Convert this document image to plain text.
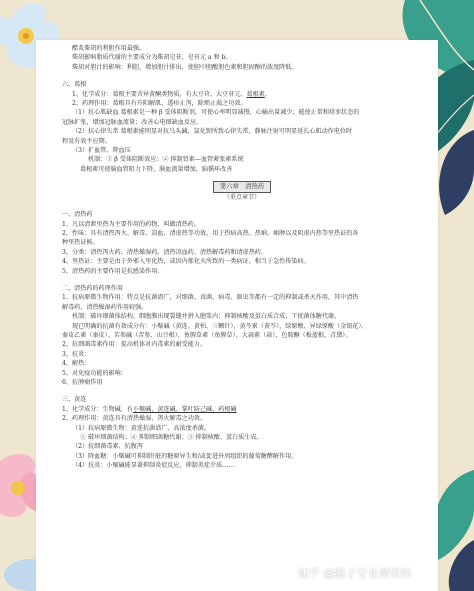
醋炙柴胡的利胆作用最强。

柴胡影响脂质代谢的主要成分为柴胡皂苷，皂苷元 a 和 b。

柴胡对胆汁的影响：利胆，增加胆汁排出，使胆中胆酸胆色素和胆固醇的浓度降低。

六、葛根

1、化学成分：葛根主要含异黄酮类物质，有大豆苷、大豆苷元、葛根素。

2、药理作用：葛根具有升阳解肌，透疹止泻，除烦止渴之功效。

（1）抗心肌缺血 葛根素是一种 β 受体阻断剂，可使心率明显减慢，心输出量减少；能使正常和痉挛状态的

冠脉扩张，增加冠脉血流量；改善心电图缺血反应。

（2）抗心律失常 葛根素能明显对抗乌头碱、氯化钡所致心律失常，静脉注射可明显延长心肌动作电位时

程及有效不应期。

（3）扩血管、降血压

机制：① β 受体阻断效应；② 抑制肾素—血管紧张素系统

葛根素可使脑血管阻力下降，脑血流量增加，脑循环改善

第六章　清热药

（重点章节）

一、清热药

1、凡以清泄里热为主要作用的药物，叫做清热药。

2、性味：具有清热泻火、解毒、凉血、清虚热等功效。用于热病高热、热痢、痈肿以及阴虚内热等里热证的各

种里热证候。

3、分类：清热泻火药、清热燥湿药、清热凉血药、清热解毒药和清虚热药。

4、里热证：主要是由于外邪入里化热，或因内郁化火所致的一类病证。相当于急性传染病。

5、清热药的主要作用是抗感染作用。

二、清热药的药理作用

1、抗病原微生物作用：特点是抗菌谱广，对细菌、真菌、病毒、原虫等都有一定的抑制或杀灭作用，其中清热

解毒药、清热燥湿药作用较强。

机制：破坏细菌体结构，细胞膜出现裂缝并拼入胞浆内；抑制核酸及蛋白质合成；干扰菌体糖代谢。

现已明确的抗菌有效成分有：小檗碱（黄连、黄柏、三颗针），黄芩素（黄芩），绿原酸、异绿原酸（金银花）、

秦皮乙素（秦皮）、苦参碱（苦参、山豆根）、鱼腥草素（鱼腥草）、大蒜素（蒜）、色胺酮（板蓝根、青黛）。

2、抗细菌毒素作用：提高机体对内毒素的耐受能力。

3、抗炎：

4、解热：

5、对免疫功能的影响：

6、抗肿瘤作用

三、黄连

1、化学成分：生物碱，有小檗碱、黄连碱、掌叶防己碱、药根碱

2、药理作用：黄连具有清热燥湿、泻火解毒之功效。

（1）抗病原微生物：黄连抗菌谱广，高浓度杀菌。

① 破坏细菌结构；② 抑制细菌糖代谢；③ 抑制核酸、蛋白质生成。

（2）抗细菌毒素、抗腹泻

（3）降血糖：小檗碱可抑制肝脏的糖原异生和/或促进外周组织的葡萄糖酵解作用。

（4）抗炎：小檗碱能显著抑制炎症反应，抑制炎症介质……

知乎 @路子专业课资料
